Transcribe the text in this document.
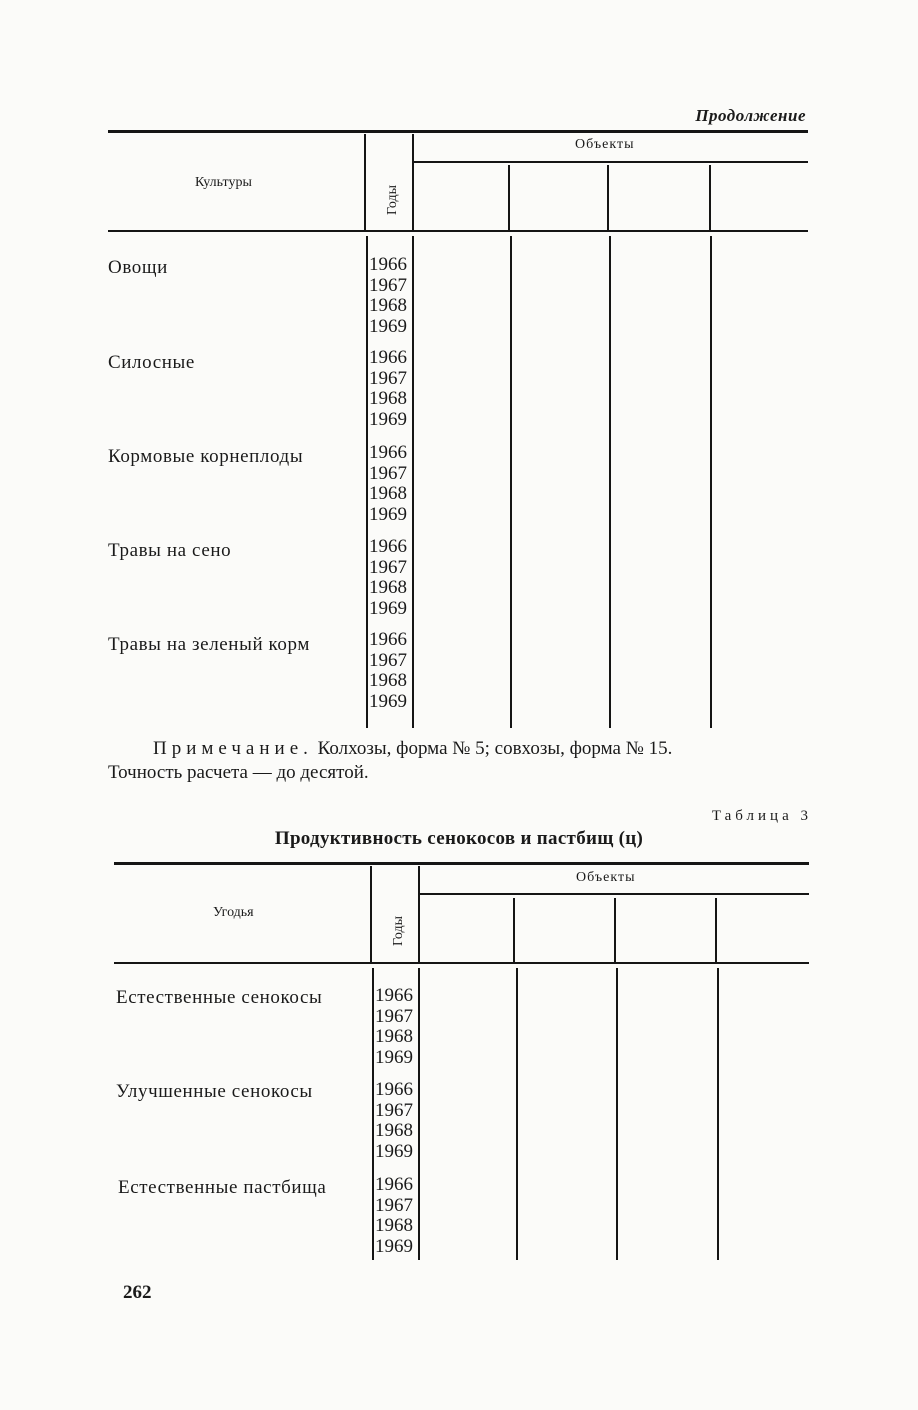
Продолжение
Культуры
Годы
Объекты
Овощи	1966
1967
1968
1969
Силосные	1966
1967
1968
1969
Кормовые корнеплоды	1966
1967
1968
1969
Травы на сено	1966
1967
1968
1969
Травы на зеленый корм	1966
1967
1968
1969
Примечание. Колхозы, форма № 5; совхозы, форма № 15.
Точность расчета — до десятой.
Таблица 3
Продуктивность сенокосов и пастбищ (ц)
Угодья
Годы
Объекты
Естественные сенокосы	1966
1967
1968
1969
Улучшенные сенокосы	1966
1967
1968
1969
Естественные пастбища	1966
1967
1968
1969
262
